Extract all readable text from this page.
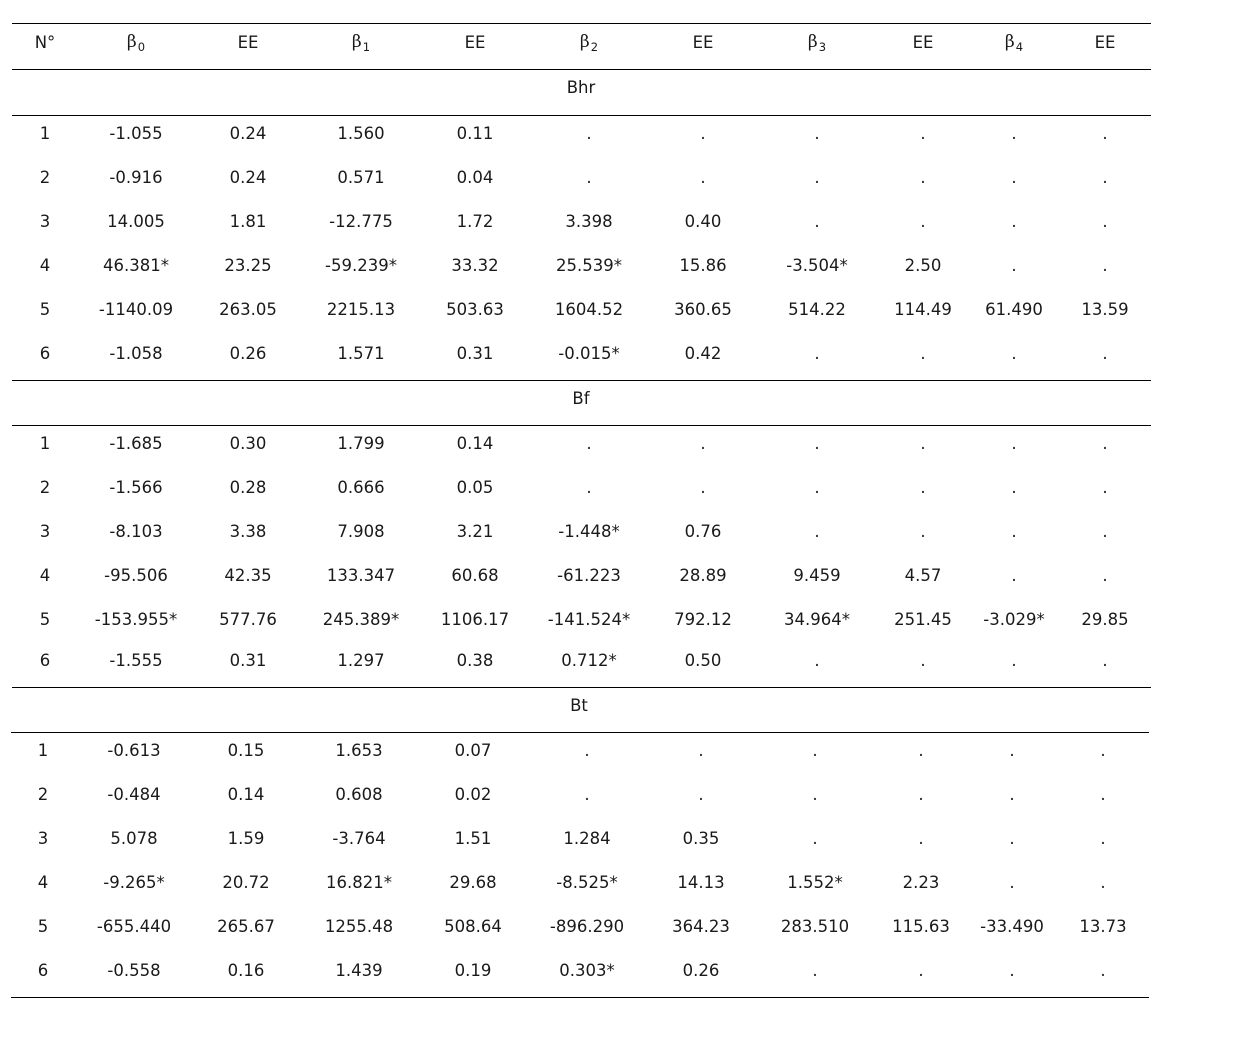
N°	$\beta_0$	EE	$\beta_1$	EE	$\beta_2$	EE	$\beta_3$	EE	$\beta_4$	EE
Bhr
1	-1.055	0.24	1.560	0.11	.	.	.	.	.	.
2	-0.916	0.24	0.571	0.04	.	.	.	.	.	.
3	14.005	1.81	-12.775	1.72	3.398	0.40	.	.	.	.
4	46.381*	23.25	-59.239*	33.32	25.539*	15.86	-3.504*	2.50	.	.
5	-1140.09	263.05	2215.13	503.63	1604.52	360.65	514.22	114.49 61.490 13.59
6	-1.058	0.26	1.571	0.31	-0.015*	0.42	.	.	.	.
Bf
1	-1.685	0.30	1.799	0.14	.	.	.	.	.	.
2	-1.566	0.28	0.666	0.05	.	.	.	.	.	.
3	-8.103	3.38	7.908	3.21	-1.448*	0.76	.	.	.	.
4	-95.506	42.35	133.347	60.68	-61.223	28.89	9.459	4.57	.	.
5	-153.955*	577.76	245.389*	1106.17 -141.524*	792.12	34.964*	251.45 -3.029* 29.85
6	-1.555	0.31	1.297	0.38	0.712*	0.50	.	.	.	.
Bt
1	-0.613	0.15	1.653	0.07	.	.	.	.	.	.
2	-0.484	0.14	0.608	0.02	.	.	.	.	.	.
3	5.078	1.59	-3.764	1.51	1.284	0.35	.	.	.	.
4	-9.265*	20.72	16.821*	29.68	-8.525*	14.13	1.552*	2.23	.	.
5	-655.440	265.67	1255.48	508.64	-896.290	364.23	283.510	115.63 -33.490 13.73
6	-0.558	0.16	1.439	0.19	0.303*	0.26	.	.	.	.
